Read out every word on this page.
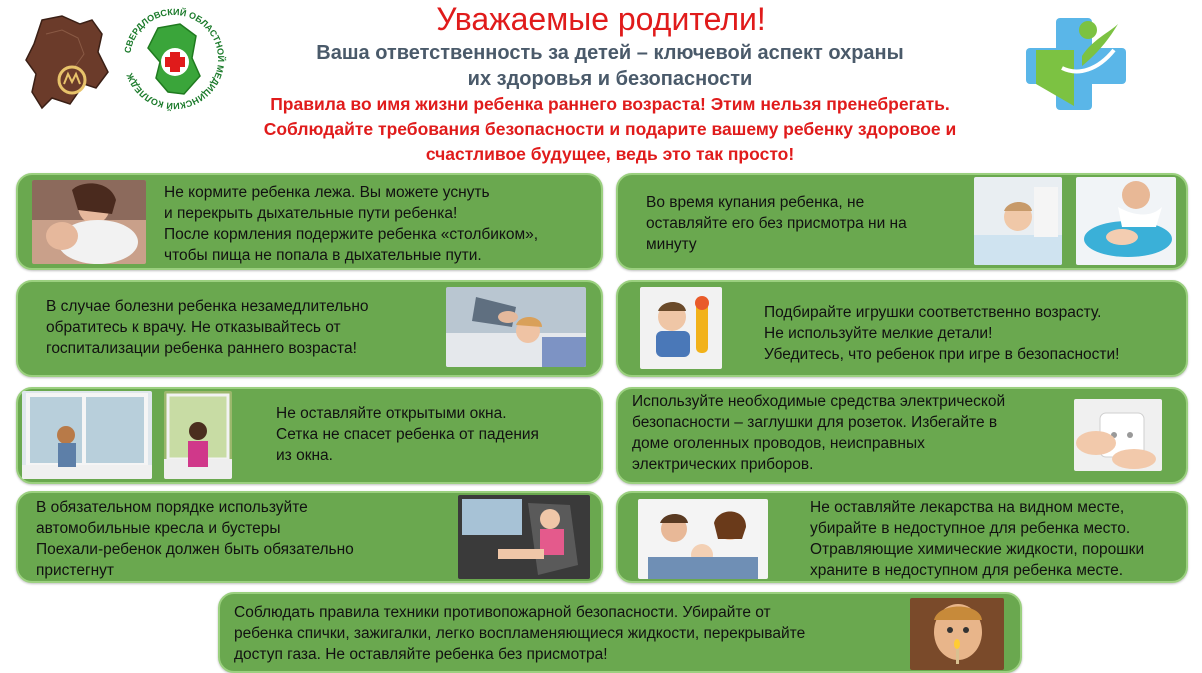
Уважаемые родители!
Ваша ответственность за детей – ключевой аспект охраны
их здоровья и безопасности
Правила во имя жизни ребенка раннего возраста! Этим нельзя пренебрегать.
Соблюдайте требования безопасности и подарите вашему ребенку здоровое и
счастливое будущее, ведь это так просто!
СВЕРДЛОВСКИЙ ОБЛАСТНОЙ МЕДИЦИНСКИЙ КОЛЛЕДЖ
Не кормите ребенка лежа. Вы можете уснуть
и перекрыть дыхательные пути ребенка!
После кормления подержите ребенка «столбиком»,
чтобы пища не попала в дыхательные пути.
Во время купания ребенка, не
оставляйте его без присмотра ни на
минуту
В случае болезни ребенка незамедлительно
обратитесь к врачу. Не отказывайтесь от
госпитализации ребенка раннего возраста!
Подбирайте игрушки соответственно возрасту.
Не используйте мелкие детали!
Убедитесь, что ребенок при игре в безопасности!
Не оставляйте открытыми окна.
Сетка не спасет ребенка от падения
из окна.
Используйте необходимые средства электрической
безопасности – заглушки для розеток. Избегайте в
доме оголенных проводов, неисправных
электрических приборов.
В обязательном порядке используйте
автомобильные кресла и бустеры
Поехали-ребенок должен быть обязательно
пристегнут
Не оставляйте лекарства на видном месте,
убирайте в недоступное для ребенка место.
Отравляющие химические жидкости, порошки
храните в недоступном для ребенка месте.
Соблюдать правила техники противопожарной безопасности. Убирайте от
ребенка спички, зажигалки, легко воспламеняющиеся жидкости, перекрывайте
доступ газа. Не оставляйте ребенка без присмотра!
